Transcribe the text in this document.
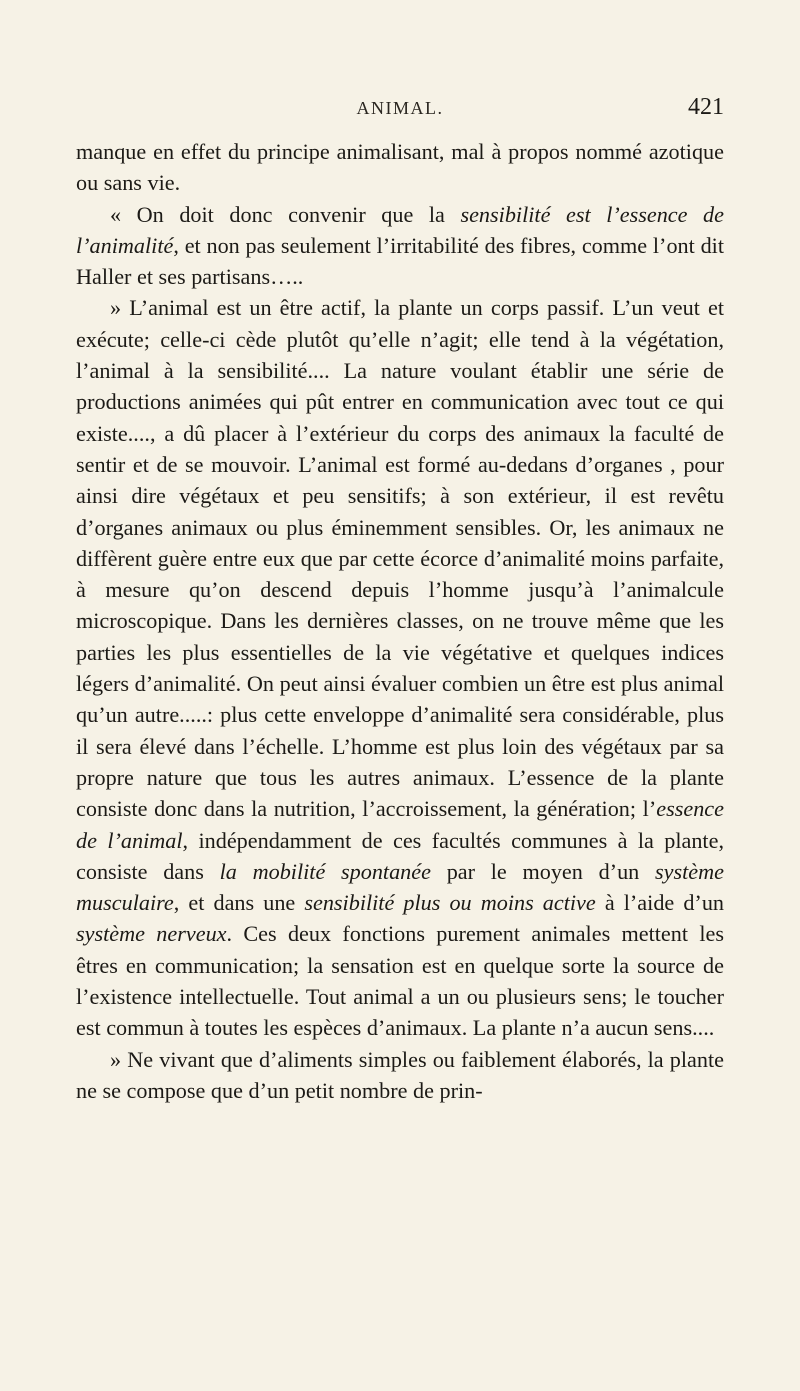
ANIMAL.	421

manque en effet du principe animalisant, mal à propos nommé azotique ou sans vie.

« On doit donc convenir que la sensibilité est l’essence de l’animalité, et non pas seulement l’irritabilité des fibres, comme l’ont dit Haller et ses partisans…..

» L’animal est un être actif, la plante un corps passif. L’un veut et exécute; celle-ci cède plutôt qu’elle n’agit; elle tend à la végétation, l’animal à la sensibilité.... La nature voulant établir une série de productions animées qui pût entrer en communication avec tout ce qui existe...., a dû placer à l’extérieur du corps des animaux la faculté de sentir et de se mouvoir. L’animal est formé au-dedans d’organes , pour ainsi dire végétaux et peu sensitifs; à son extérieur, il est revêtu d’organes animaux ou plus éminemment sensibles. Or, les animaux ne diffèrent guère entre eux que par cette écorce d’animalité moins parfaite, à mesure qu’on descend depuis l’homme jusqu’à l’animalcule microscopique. Dans les dernières classes, on ne trouve même que les parties les plus essentielles de la vie végétative et quelques indices légers d’animalité. On peut ainsi évaluer combien un être est plus animal qu’un autre.....: plus cette enveloppe d’animalité sera considérable, plus il sera élevé dans l’échelle. L’homme est plus loin des végétaux par sa propre nature que tous les autres animaux. L’essence de la plante consiste donc dans la nutrition, l’accroissement, la génération; l’essence de l’animal, indépendamment de ces facultés communes à la plante, consiste dans la mobilité spontanée par le moyen d’un système musculaire, et dans une sensibilité plus ou moins active à l’aide d’un système nerveux. Ces deux fonctions purement animales mettent les êtres en communication; la sensation est en quelque sorte la source de l’existence intellectuelle. Tout animal a un ou plusieurs sens; le toucher est commun à toutes les espèces d’animaux. La plante n’a aucun sens....

» Ne vivant que d’aliments simples ou faiblement élaborés, la plante ne se compose que d’un petit nombre de prin-
